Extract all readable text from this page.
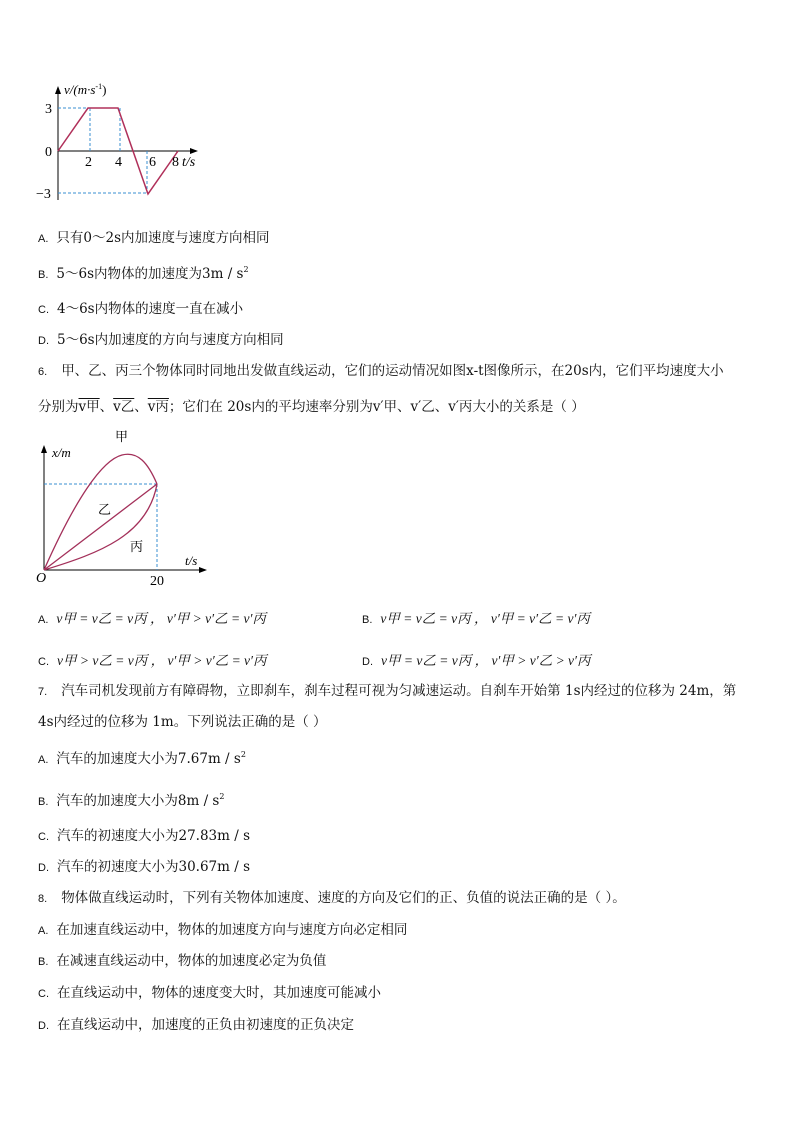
$v/(m\cdot s^{-1})$
3
0
−3
2 4 6 8 t/s
A. 只有0～2s内加速度与速度方向相同
B. 5～6s内物体的加速度为$3m / s^2$
C. 4～6s内物体的速度一直在减小
D. 5～6s内加速度的方向与速度方向相同
6. 甲、乙、丙三个物体同时同地出发做直线运动，它们的运动情况如图x-t图像所示，在20s内，它们平均速度大小
分别为v甲、v乙、v丙；它们在 20s内的平均速率分别为v′甲、v′乙、v′丙大小的关系是（ ）
x/m
甲
乙
丙
O	20
t/s
A. v甲 = v乙 = v丙 ， v′甲 > v′乙 = v′丙	B. v甲 = v乙 = v丙 ， v′甲 = v′乙 = v′丙
C. v甲 > v乙 = v丙 ， v′甲 > v′乙 = v′丙	D. v甲 = v乙 = v丙 ， v′甲 > v′乙 > v′丙
7. 汽车司机发现前方有障碍物，立即刹车，刹车过程可视为匀减速运动。自刹车开始第 1s内经过的位移为 24m，第
4s内经过的位移为 1m。下列说法正确的是（ ）
A. 汽车的加速度大小为$7.67m / s^2$
B. 汽车的加速度大小为$8m / s^2$
C. 汽车的初速度大小为27.83m / s
D. 汽车的初速度大小为30.67m / s
8. 物体做直线运动时，下列有关物体加速度、速度的方向及它们的正、负值的说法正确的是（ ）。
A. 在加速直线运动中，物体的加速度方向与速度方向必定相同
B. 在减速直线运动中，物体的加速度必定为负值
C. 在直线运动中，物体的速度变大时，其加速度可能减小
D. 在直线运动中，加速度的正负由初速度的正负决定
